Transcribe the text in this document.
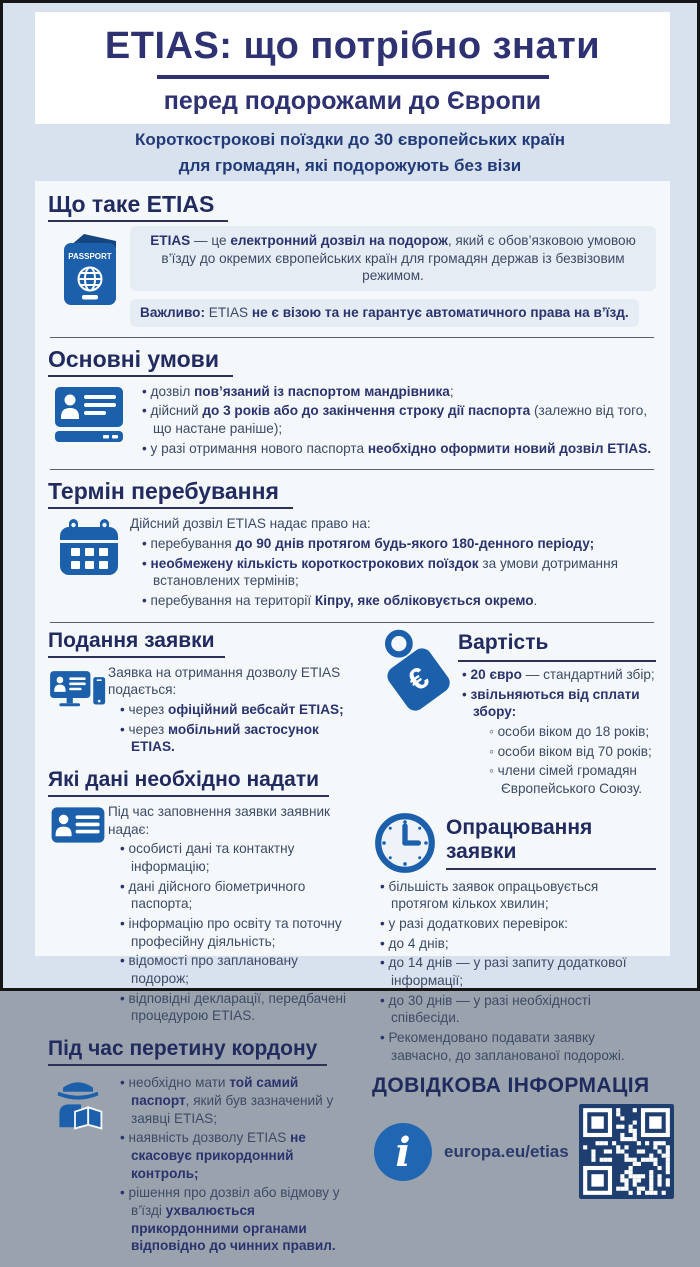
ETIAS: що потрібно знати
перед подорожами до Європи
Короткострокові поїздки до 30 європейських країн
для громадян, які подорожують без візи
Що таке ETIAS
PASSPORT
ETIAS — це електронний дозвіл на подорож, який є обов’язковою умовою в’їзду до окремих європейських країн для громадян держав із безвізовим режимом.
Важливо: ETIAS не є візою та не гарантує автоматичного права на в’їзд.
Основні умови
• дозвіл пов’язаний із паспортом мандрівника;
• дійсний до 3 років або до закінчення строку дії паспорта (залежно від того, що настане раніше);
• у разі отримання нового паспорта необхідно оформити новий дозвіл ETIAS.
Термін перебування
Дійсний дозвіл ETIAS надає право на:
• перебування до 90 днів протягом будь-якого 180-денного періоду;
• необмежену кількість короткострокових поїздок за умови дотримання встановлених термінів;
• перебування на території Кіпру, яке обліковується окремо.
Подання заявки
Заявка на отримання дозволу ETIAS подається:
• через офіційний вебсайт ETIAS;
• через мобільний застосунок ETIAS.
Які дані необхідно надати
Під час заповнення заявки заявник надає:
• особисті дані та контактну інформацію;
• дані дійсного біометричного паспорта;
• інформацію про освіту та поточну професійну діяльність;
• відомості про заплановану подорож;
• відповідні декларації, передбачені процедурою ETIAS.
Під час перетину кордону
• необхідно мати той самий паспорт, який був зазначений у заявці ETIAS;
• наявність дозволу ETIAS не скасовує прикордонний контроль;
• рішення про дозвіл або відмову у в’їзді ухвалюється прикордонними органами відповідно до чинних правил.
€
Вартість
• 20 євро — стандартний збір;
• звільняються від сплати збору:
◦ особи віком до 18 років;
◦ особи віком від 70 років;
◦ члени сімей громадян Європейського Союзу.
Опрацювання заявки
• більшість заявок опрацьовується протягом кількох хвилин;
• у разі додаткових перевірок:
• до 4 днів;
• до 14 днів — у разі запиту додаткової інформації;
• до 30 днів — у разі необхідності співбесіди.
• Рекомендовано подавати заявку завчасно, до запланованої подорожі.
ДОВІДКОВА ІНФОРМАЦІЯ
i europa.eu/etias
